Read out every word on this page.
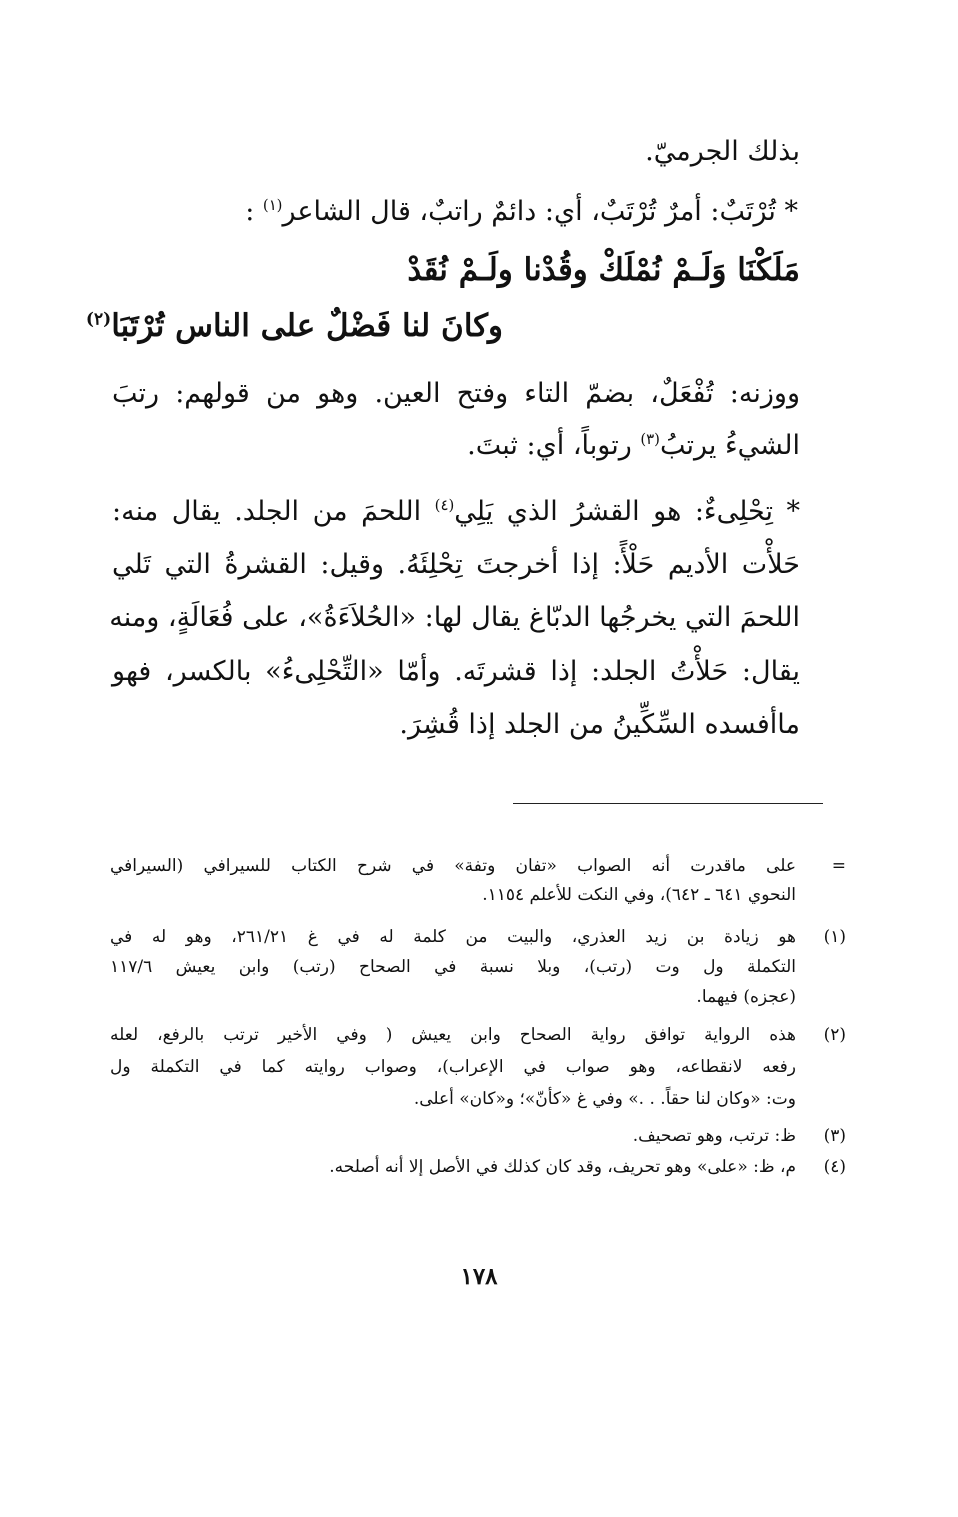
بذلك الجرميّ.
* تُرْتَبٌ: أمرٌ تُرْتَبٌ، أي: دائمٌ راتبٌ، قال الشاعر$^{(١)}$ :
مَلَكْنَا وَلَـمْ نُمْلَكْ وقُدْنا ولَـمْ نُقَدْ
وكانَ لنا فَضْلٌ على الناس تُرْتَبَا$^{(٢)}$
ووزنه: تُفْعَلٌ، بضمّ التاء وفتح العين. وهو من قولهم: رتبَ
الشيءُ يرتبُ$^{(٣)}$ رتوباً، أي: ثبتَ.
* تِحْلِىءٌ: هو القشرُ الذي يَلِي$^{(٤)}$ اللحمَ من الجلد. يقال منه:
حَلأْت الأديم حَلْأً: إذا أخرجتَ تِحْلِئَهُ. وقيل: القشرةُ التي تَلي
اللحمَ التي يخرجُها الدبّاغ يقال لها: «الحُلاَءَةُ»، على فُعَالَةٍ، ومنه
يقال: حَلأْتُ الجلد: إذا قشرتَه. وأمّا «التِّحْلِىءُ» بالكسر، فهو
ماأفسده السِّكِّينُ من الجلد إذا قُشِرَ.
=
على ماقدرت أنه الصواب «تفان وتفة» في شرح الكتاب للسيرافي (السيرافي
النحوي ٦٤١ ـ ٦٤٢)، وفي النكت للأعلم ١١٥٤.
(١)
هو زيادة بن زيد العذري، والبيت من كلمة له في غ ٢٦١/٢١، وهو له في
التكملة ول وت (رتب)، وبلا نسبة في الصحاح (رتب) وابن يعيش ١١٧/٦
(عجزه) فيهما.
(٢)
هذه الرواية توافق رواية الصحاح وابن يعيش ( وفي الأخير ترتب بالرفع، لعله
رفعه لانقطاعه، وهو صواب في الإعراب)، وصواب روايته كما في التكملة ول
وت: «وكان لنا حقاً. . .» وفي غ «كأنّ»؛ و«كان» أعلى.
(٣)
ظ: ترتب، وهو تصحيف.
(٤)
م، ظ: «على» وهو تحريف، وقد كان كذلك في الأصل إلا أنه أصلحه.
١٧٨
